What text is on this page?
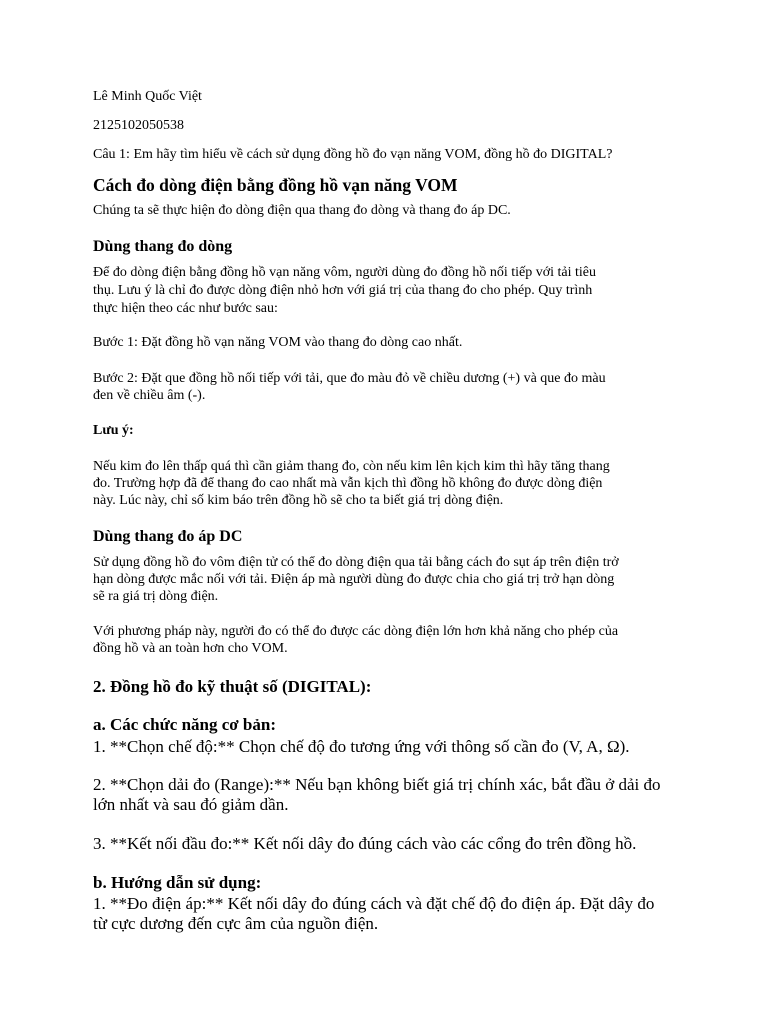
Lê Minh Quốc Việt

2125102050538

Câu 1: Em hãy tìm hiểu về cách sử dụng đồng hồ đo vạn năng VOM, đồng hồ đo DIGITAL?

Cách đo dòng điện bằng đồng hồ vạn năng VOM

Chúng ta sẽ thực hiện đo dòng điện qua thang đo dòng và thang đo áp DC.

Dùng thang đo dòng

Để đo dòng điện bằng đồng hồ vạn năng vôm, người dùng đo đồng hồ nối tiếp với tải tiêu

thụ. Lưu ý là chỉ đo được dòng điện nhỏ hơn với giá trị của thang đo cho phép. Quy trình

thực hiện theo các như bước sau:

Bước 1: Đặt đồng hồ vạn năng VOM vào thang đo dòng cao nhất.

Bước 2: Đặt que đồng hồ nối tiếp với tải, que đo màu đỏ về chiều dương (+) và que đo màu

đen về chiều âm (-).

Lưu ý:

Nếu kim đo lên thấp quá thì cần giảm thang đo, còn nếu kim lên kịch kim thì hãy tăng thang

đo. Trường hợp đã để thang đo cao nhất mà vẫn kịch thì đồng hồ không đo được dòng điện

này. Lúc này, chỉ số kim báo trên đồng hồ sẽ cho ta biết giá trị dòng điện.

Dùng thang đo áp DC

Sử dụng đồng hồ đo vôm điện tử có thể đo dòng điện qua tải bằng cách đo sụt áp trên điện trở

hạn dòng được mắc nối với tải. Điện áp mà người dùng đo được chia cho giá trị trở hạn dòng

sẽ ra giá trị dòng điện.

Với phương pháp này, người đo có thể đo được các dòng điện lớn hơn khả năng cho phép của

đồng hồ và an toàn hơn cho VOM.

2. Đồng hồ đo kỹ thuật số (DIGITAL):

a. Các chức năng cơ bản:

1. **Chọn chế độ:** Chọn chế độ đo tương ứng với thông số cần đo (V, A, Ω).

2. **Chọn dải đo (Range):** Nếu bạn không biết giá trị chính xác, bắt đầu ở dải đo

lớn nhất và sau đó giảm dần.

3. **Kết nối đầu đo:** Kết nối dây đo đúng cách vào các cổng đo trên đồng hồ.

b. Hướng dẫn sử dụng:

1. **Đo điện áp:** Kết nối dây đo đúng cách và đặt chế độ đo điện áp. Đặt dây đo

từ cực dương đến cực âm của nguồn điện.
